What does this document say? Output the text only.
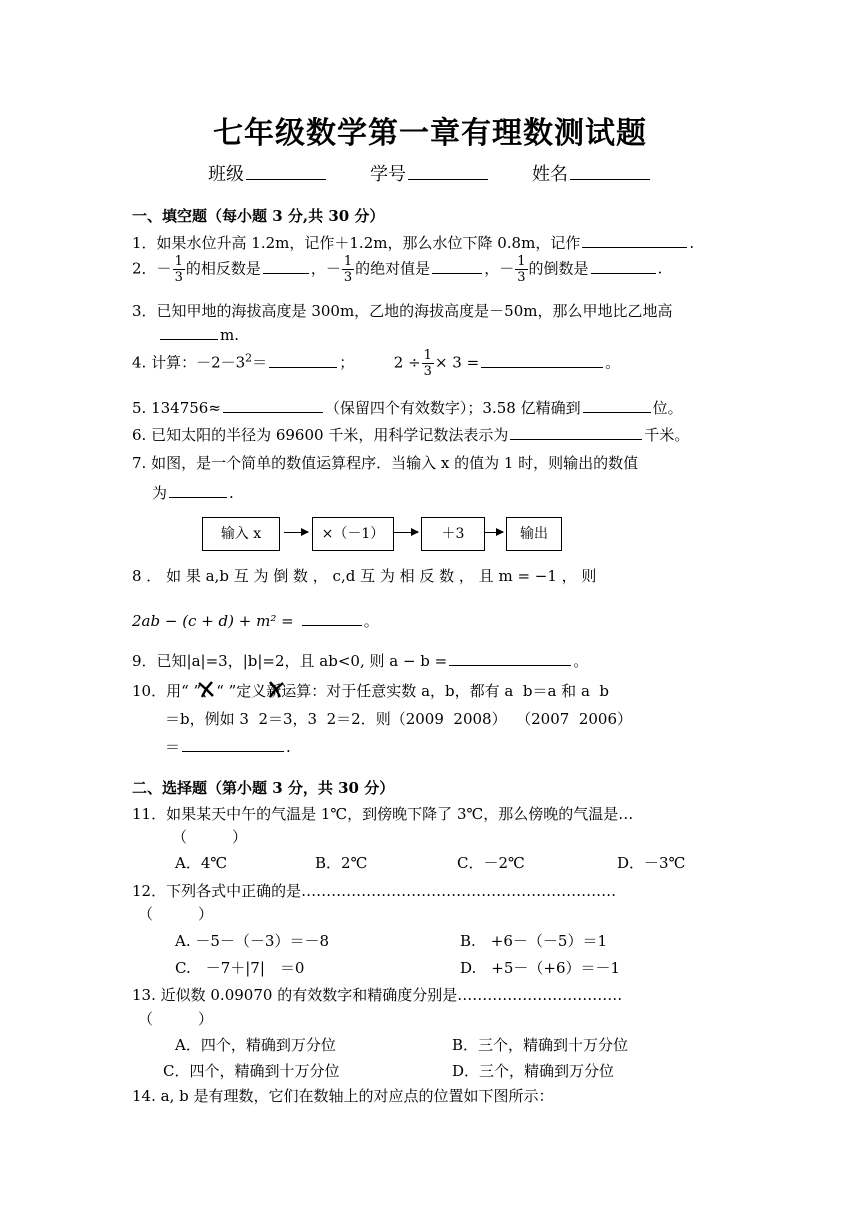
七年级数学第一章有理数测试题
班级	学号	姓名
一、填空题（每小题 3 分,共 30 分）
1．如果水位升高 1.2m，记作＋1.2m，那么水位下降 0.8m，记作	.
2．－ $\frac{1}{3}$ 的相反数是	，－ $\frac{1}{3}$ 的绝对值是	，－ $\frac{1}{3}$ 的倒数是	.
3．已知甲地的海拔高度是 300m，乙地的海拔高度是－50m，那么甲地比乙地高
m.
4. 计算：$-2-3^2=$	；	$2 \div \frac{1}{3} \times 3$ =	。
5. 134756≈	（保留四个有效数字）；3.58 亿精确到	位。
6. 已知太阳的半径为 69600 千米，用科学记数法表示为	千米。
7. 如图，是一个简单的数值运算程序．当输入 x 的值为 1 时，则输出的数值
为	.
输入 x	×（－1）	＋3	输出
8 ． 如 果 a,b 互 为 倒 数 ， c,d 互 为 相 反 数 ， 且 m = −1 ， 则
2ab − (c + d) + m² =	。
9．已知|a|=3，|b|=2，且 ab<0, 则 a − b =	。
10．用“ ”、“ ”定义新运算：对于任意实数 a，b，都有 a  b＝a 和 a  b
＝b，例如 3  2＝3，3  2＝2．则（2009  2008）  （2007  2006）
＝	.
二、选择题（第小题 3 分，共 30 分）
11．如果某天中午的气温是 1℃，到傍晚下降了 3℃，那么傍晚的气温是…
（　　　）
A．4℃	B．2℃	C．－2℃	D．－3℃
12．下列各式中正确的是………………………………………………………
（　　　）
A. －5－（－3）＝－8	B.　+6－（－5）＝1
C.　－7＋|7|　＝0	D.　+5－（+6）＝－1
13. 近似数 0.09070 的有效数字和精确度分别是……………………………
（　　　）
A．四个，精确到万分位	B．三个，精确到十万分位
C．四个，精确到十万分位	D．三个，精确到万分位
14. a, b 是有理数，它们在数轴上的对应点的位置如下图所示：
